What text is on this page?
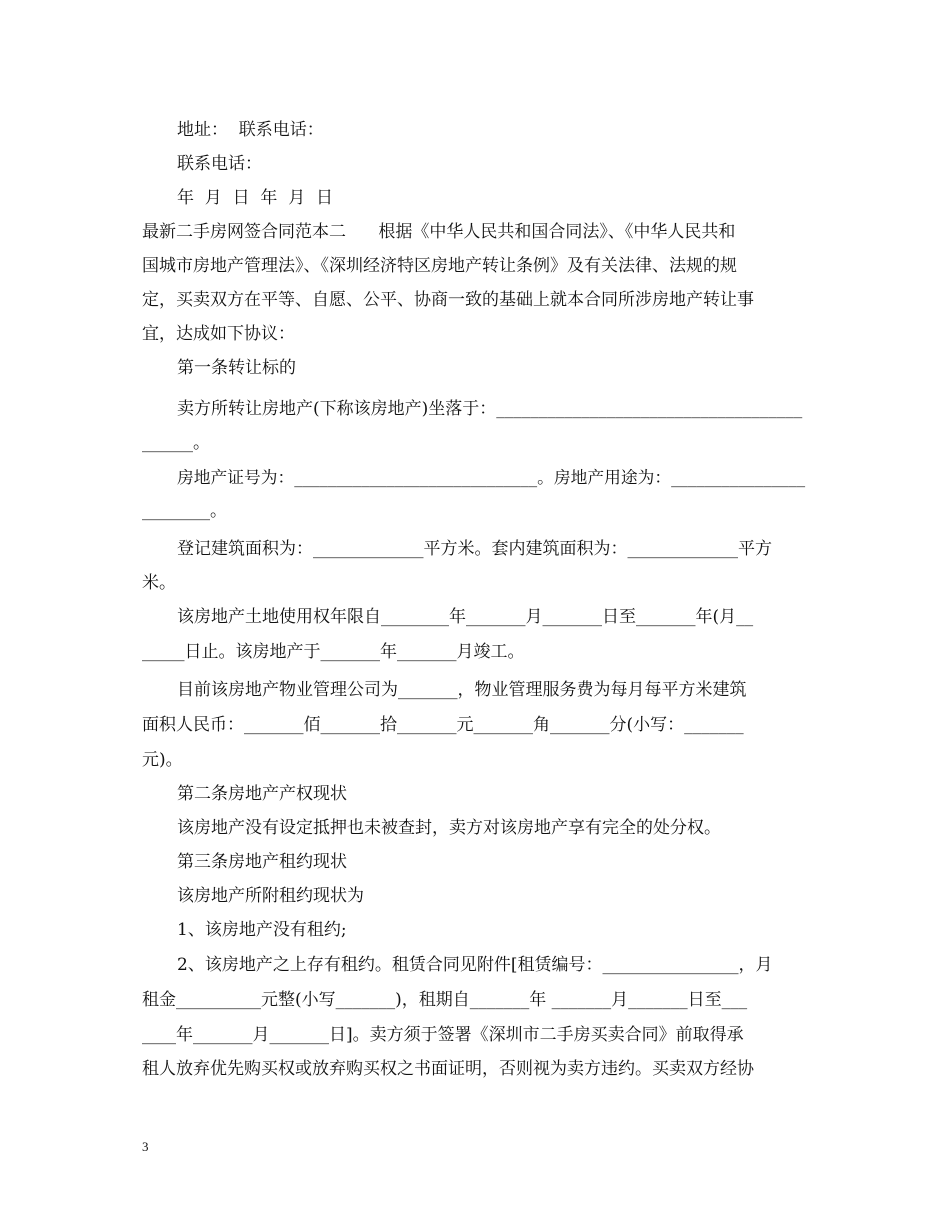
地址：  联系电话：
联系电话：
年  月  日  年  月  日
最新二手房网签合同范本二      根据《中华人民共和国合同法》、《中华人民共和
国城市房地产管理法》、《深圳经济特区房地产转让条例》及有关法律、法规的规
定，买卖双方在平等、自愿、公平、协商一致的基础上就本合同所涉房地产转让事
宜，达成如下协议：
第一条转让标的
卖方所转让房地产(下称该房地产)坐落于：____________________________________
______。
房地产证号为：_____________________________。房地产用途为：________________
________。
登记建筑面积为：_____________平方米。套内建筑面积为：_____________平方
米。
该房地产土地使用权年限自________年_______月_______日至_______年(月__
_____日止。该房地产于_______年_______月竣工。
目前该房地产物业管理公司为_______，物业管理服务费为每月每平方米建筑
面积人民币：_______佰_______拾_______元_______角_______分(小写：_______
元)。
第二条房地产产权现状
该房地产没有设定抵押也未被查封，卖方对该房地产享有完全的处分权。
第三条房地产租约现状
该房地产所附租约现状为
1、该房地产没有租约;
2、该房地产之上存有租约。租赁合同见附件[租赁编号：________________，月
租金__________元整(小写_______)，租期自_______年 _______月_______日至___
____年_______月_______日]。卖方须于签署《深圳市二手房买卖合同》前取得承
租人放弃优先购买权或放弃购买权之书面证明，否则视为卖方违约。买卖双方经协
3
